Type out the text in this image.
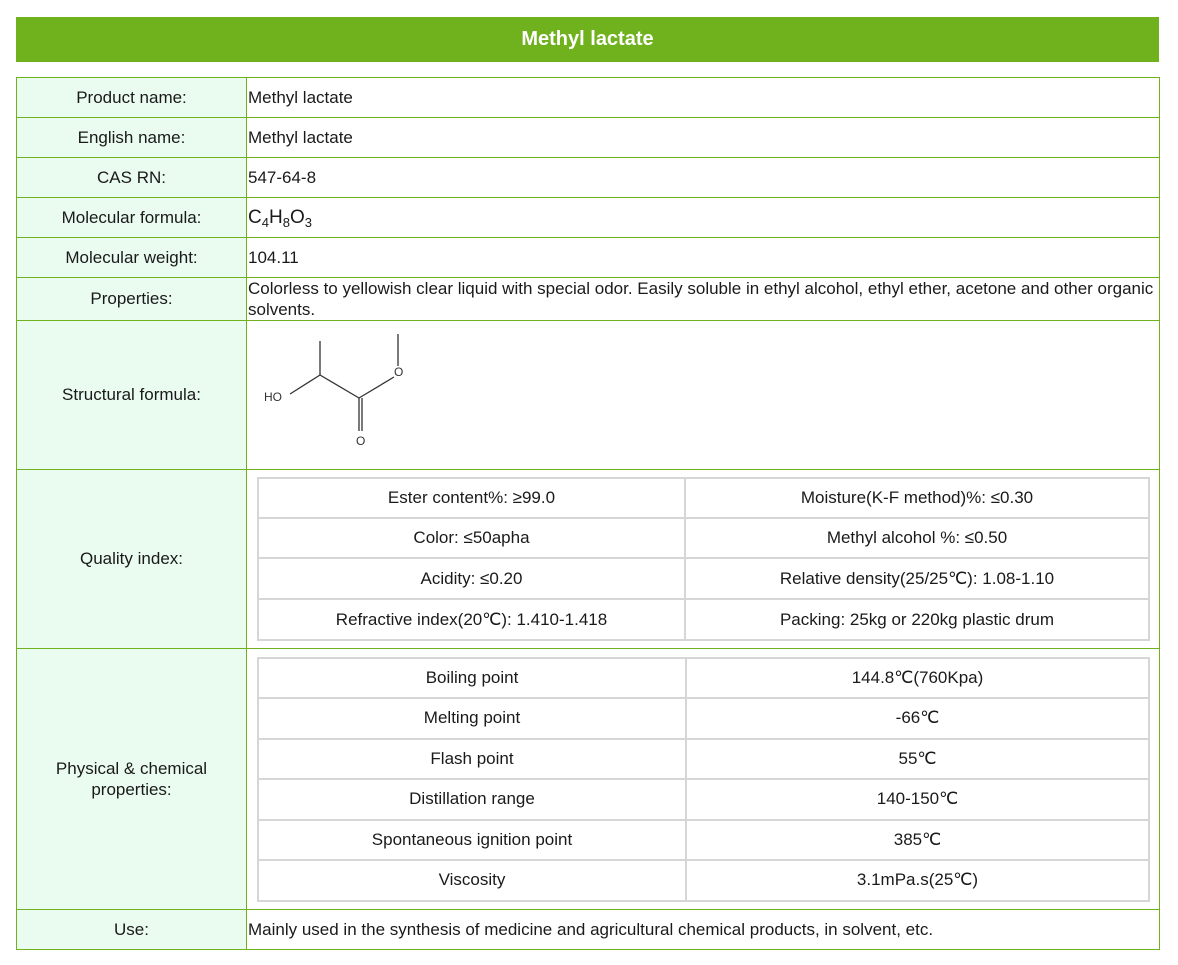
Methyl lactate
Product name:	Methyl lactate
English name:	Methyl lactate
CAS RN:	547-64-8
Molecular formula:	$C_4H_8O_3$
Molecular weight:	104.11
Properties:	Colorless to yellowish clear liquid with special odor. Easily soluble in ethyl alcohol, ethyl ether, acetone and other organic solvents.
Structural formula:	HO
O
O

Quality index:	
Ester content%: ≥99.0	Moisture(K-F method)%: ≤0.30
Color: ≤50apha	Methyl alcohol %: ≤0.50
Acidity: ≤0.20	Relative density(25/25℃): 1.08-1.10
Refractive index(20℃): 1.410-1.418	Packing: 25kg or 220kg plastic drum

Physical & chemical properties:

Boiling point	144.8℃(760Kpa)
Melting point	-66℃
Flash point	55℃
Distillation range	140-150℃
Spontaneous ignition point	385℃
Viscosity	3.1mPa.s(25℃)

Use:	Mainly used in the synthesis of medicine and agricultural chemical products, in solvent, etc.
